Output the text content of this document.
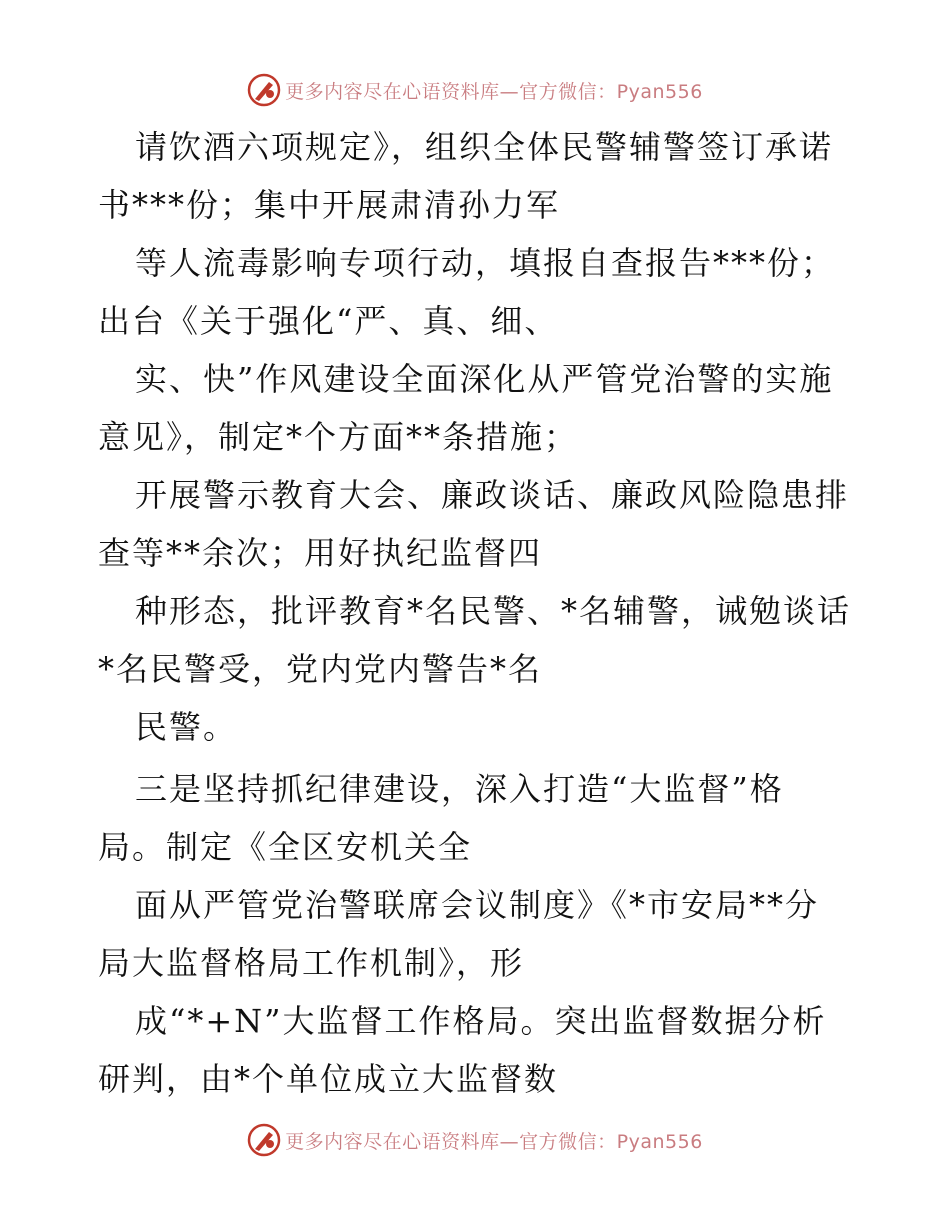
更多内容尽在心语资料库—官方微信：Pyan556
请饮酒六项规定》，组织全体民警辅警签订承诺
书***份；集中开展肃清孙力军
等人流毒影响专项行动，填报自查报告***份；
出台《关于强化“严、真、细、
实、快”作风建设全面深化从严管党治警的实施
意见》，制定*个方面**条措施；
开展警示教育大会、廉政谈话、廉政风险隐患排
查等**余次；用好执纪监督四
种形态，批评教育*名民警、*名辅警，诫勉谈话
*名民警受，党内党内警告*名
民警。
三是坚持抓纪律建设，深入打造“大监督”格
局。制定《全区安机关全
面从严管党治警联席会议制度》《*市安局**分
局大监督格局工作机制》，形
成“*+N”大监督工作格局。突出监督数据分析
研判，由*个单位成立大监督数
更多内容尽在心语资料库—官方微信：Pyan556
